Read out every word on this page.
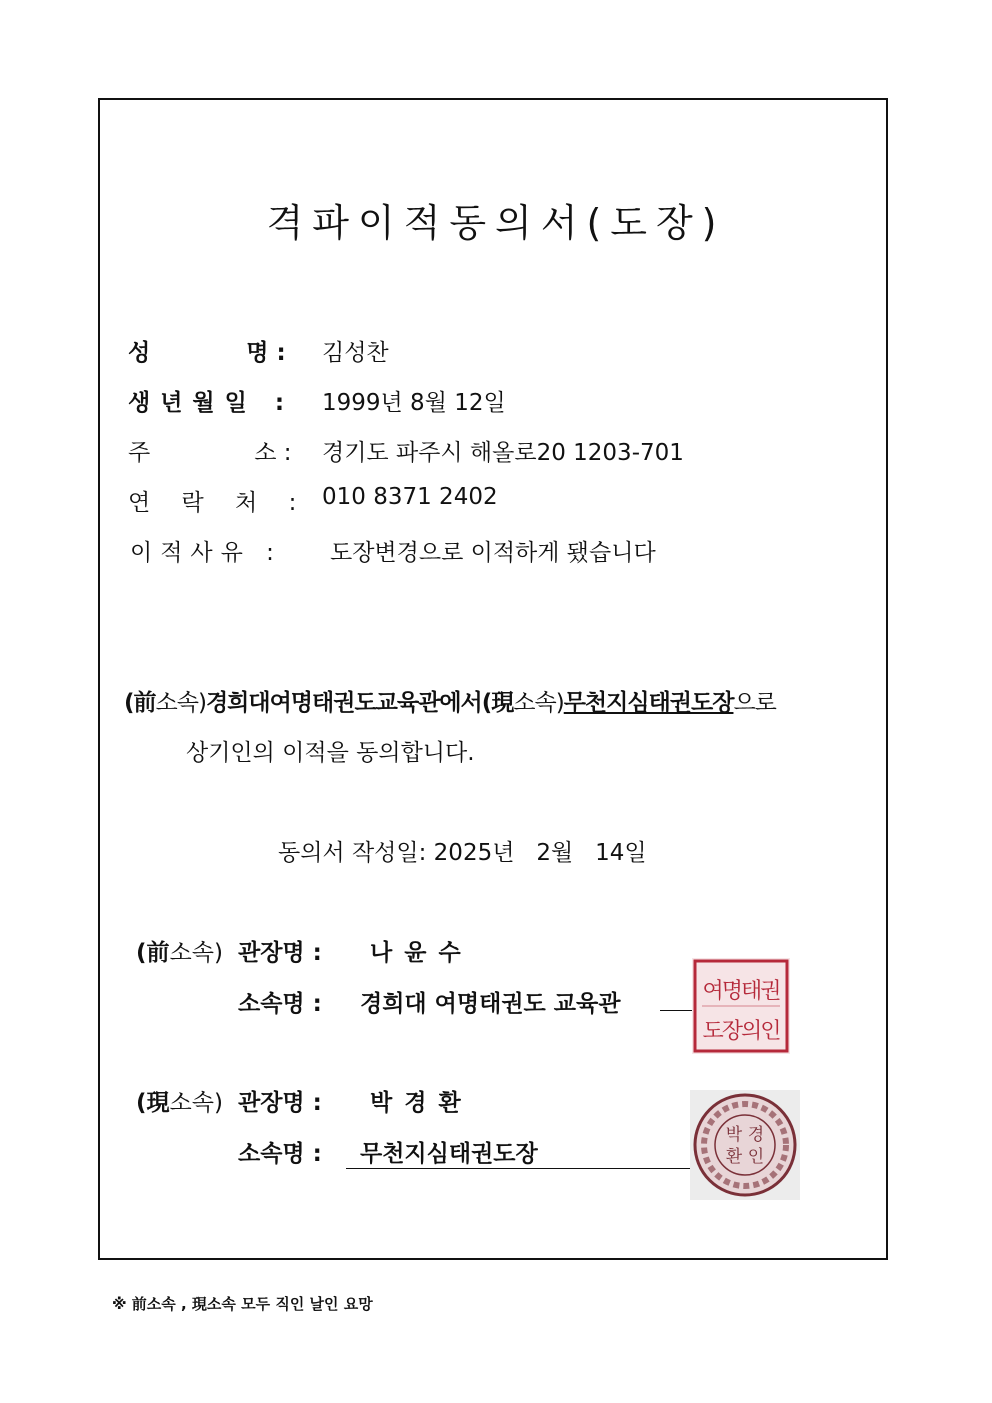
격파이적동의서(도장)
성	명 : 김성찬
생년월일 : 1999년 8월 12일
주	소 : 경기도 파주시 해올로20 1203-701
연 락 처 : 010 8371 2402
이적사유 : 도장변경으로 이적하게 됐습니다
(前소속)경희대여명태권도교육관에서(現소속)무천지심태권도장으로
상기인의 이적을 동의합니다.
동의서 작성일: 2025년   2월   14일
(前소속) 관장명 : 나 윤 수
소속명 : 경희대 여명태권도 교육관	여명태권
도장의인
(現소속) 관장명 : 박 경 환
소속명 :	무천지심태권도장
박 경
환 인
※ 前소속 , 現소속 모두 직인 날인 요망
